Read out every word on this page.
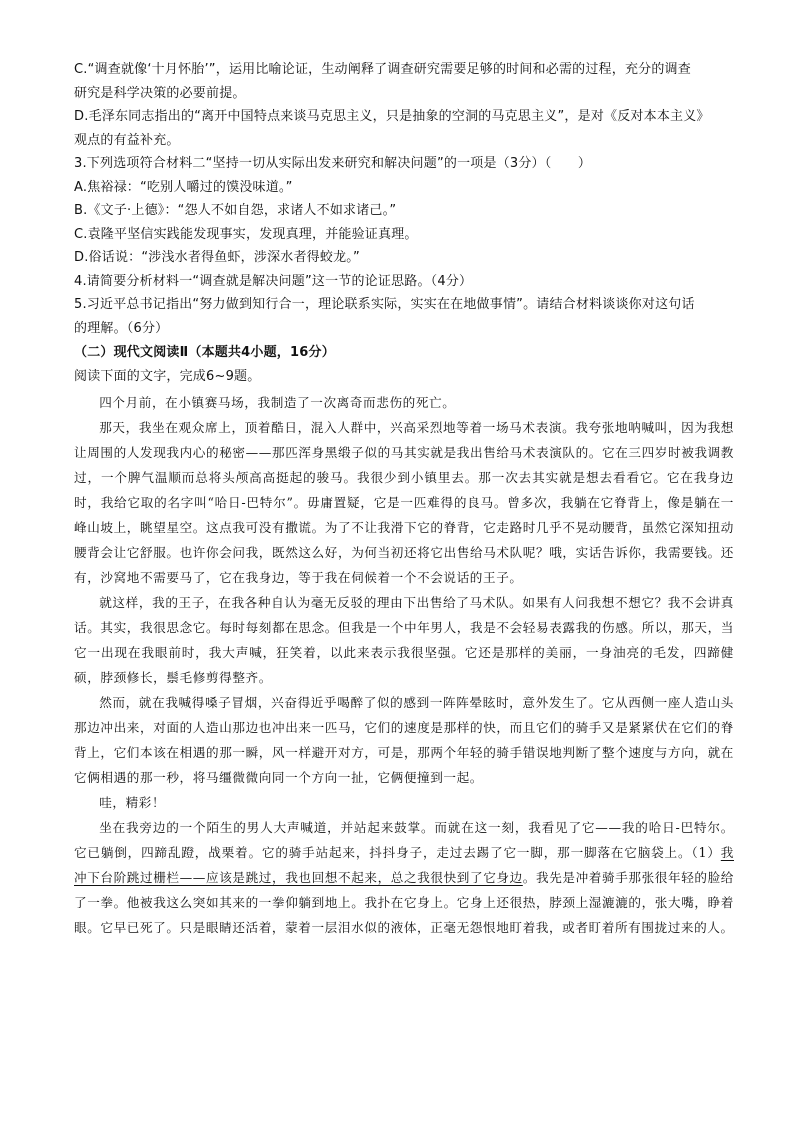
C.“调查就像‘十月怀胎’”，运用比喻论证，生动阐释了调查研究需要足够的时间和必需的过程，充分的调查
研究是科学决策的必要前提。
D.毛泽东同志指出的“离开中国特点来谈马克思主义，只是抽象的空洞的马克思主义”，是对《反对本本主义》
观点的有益补充。
3.下列选项符合材料二“坚持一切从实际出发来研究和解决问题”的一项是（3分）（　　）
A.焦裕禄：“吃别人嚼过的馍没味道。”
B.《文子·上德》：“怨人不如自怨，求诸人不如求诸己。”
C.袁隆平坚信实践能发现事实，发现真理，并能验证真理。
D.俗话说：“涉浅水者得鱼虾，涉深水者得蛟龙。”
4.请简要分析材料一“调查就是解决问题”这一节的论证思路。（4分）
5.习近平总书记指出“努力做到知行合一，理论联系实际，实实在在地做事情”。请结合材料谈谈你对这句话
的理解。（6分）
（二）现代文阅读Ⅱ（本题共4小题，16分）
阅读下面的文字，完成6~9题。

四个月前，在小镇赛马场，我制造了一次离奇而悲伤的死亡。

那天，我坐在观众席上，顶着酷日，混入人群中，兴高采烈地等着一场马术表演。我夸张地呐喊叫，因为我想让周围的人发现我内心的秘密——那匹浑身黑缎子似的马其实就是我出售给马术表演队的。它在三四岁时被我调教过，一个脾气温顺而总将头颅高高挺起的骏马。我很少到小镇里去。那一次去其实就是想去看看它。它在我身边时，我给它取的名字叫“哈日-巴特尔”。毋庸置疑，它是一匹难得的良马。曾多次，我躺在它脊背上，像是躺在一峰山坡上，眺望星空。这点我可没有撒谎。为了不让我滑下它的脊背，它走路时几乎不晃动腰背，虽然它深知扭动腰背会让它舒服。也许你会问我，既然这么好，为何当初还将它出售给马术队呢？哦，实话告诉你，我需要钱。还有，沙窝地不需要马了，它在我身边，等于我在伺候着一个不会说话的王子。

就这样，我的王子，在我各种自认为毫无反驳的理由下出售给了马术队。如果有人问我想不想它？我不会讲真话。其实，我很思念它。每时每刻都在思念。但我是一个中年男人，我是不会轻易表露我的伤感。所以，那天，当它一出现在我眼前时，我大声喊，狂笑着，以此来表示我很坚强。它还是那样的美丽，一身油亮的毛发，四蹄健硕，脖颈修长，鬃毛修剪得整齐。

然而，就在我喊得嗓子冒烟，兴奋得近乎喝醉了似的感到一阵阵晕眩时，意外发生了。它从西侧一座人造山头那边冲出来，对面的人造山那边也冲出来一匹马，它们的速度是那样的快，而且它们的骑手又是紧紧伏在它们的脊背上，它们本该在相遇的那一瞬，风一样避开对方，可是，那两个年轻的骑手错误地判断了整个速度与方向，就在它俩相遇的那一秒，将马缰微微向同一个方向一扯，它俩便撞到一起。

哇，精彩！

坐在我旁边的一个陌生的男人大声喊道，并站起来鼓掌。而就在这一刻，我看见了它——我的哈日-巴特尔。它已躺倒，四蹄乱蹬，战栗着。它的骑手站起来，抖抖身子，走过去踢了它一脚，那一脚落在它脑袋上。（1）我冲下台阶跳过栅栏——应该是跳过，我也回想不起来，总之我很快到了它身边。我先是冲着骑手那张很年轻的脸给了一拳。他被我这么突如其来的一拳仰躺到地上。我扑在它身上。它身上还很热，脖颈上湿漉漉的，张大嘴，睁着眼。它早已死了。只是眼睛还活着，蒙着一层泪水似的液体，正毫无怨恨地盯着我，或者盯着所有围拢过来的人。
